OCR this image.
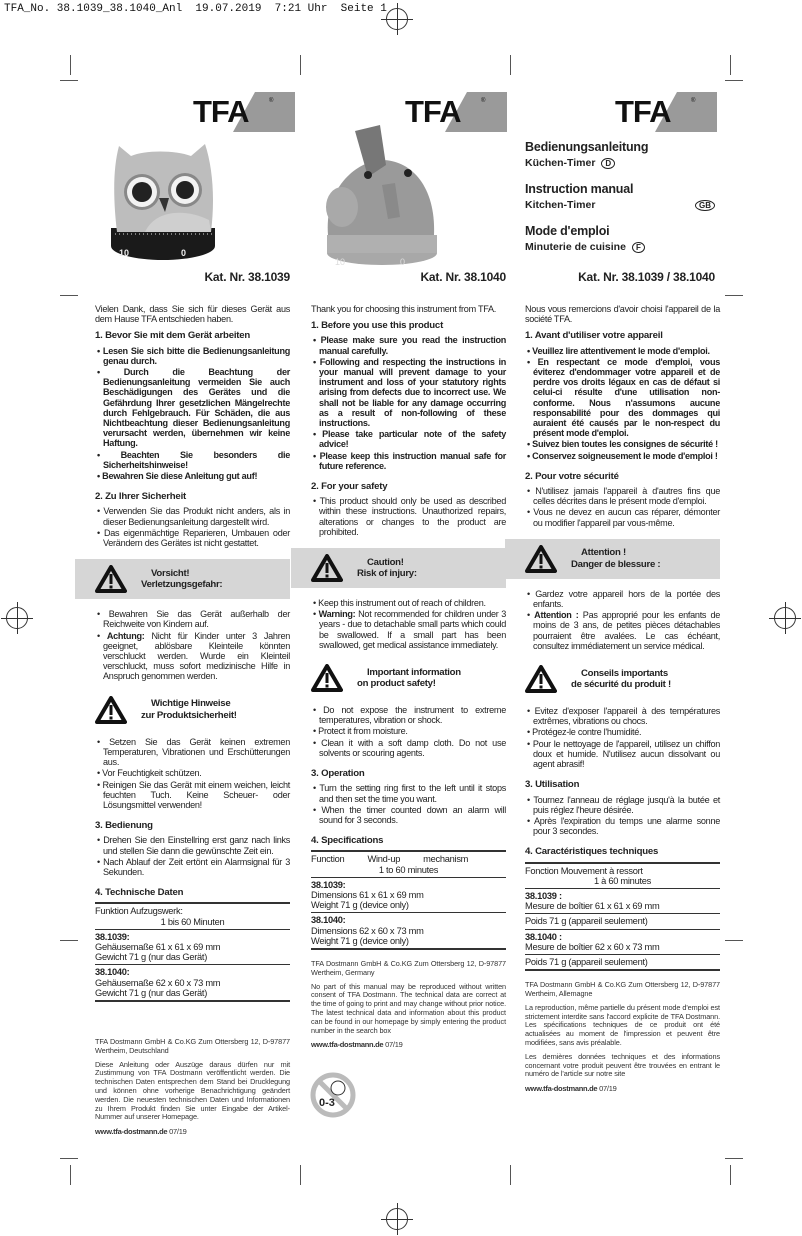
TFA_No. 38.1039_38.1040_Anl  19.07.2019  7:21 Uhr  Seite 1
TFA	®	TFA	®	TFA	®
10	0
10	0
Bedienungsanleitung
Küchen-Timer	D
Instruction manual
Kitchen-Timer	GB
Mode d'emploi
Minuterie de cuisine	F
Kat. Nr. 38.1039	Kat. Nr. 38.1040	Kat. Nr. 38.1039 / 38.1040

Vielen Dank, dass Sie sich für dieses Gerät aus dem Hause TFA entschieden haben.

1. Bevor Sie mit dem Gerät arbeiten
• Lesen Sie sich bitte die Bedienungsanleitung genau durch.
• Durch die Beachtung der Bedienungsanleitung vermeiden Sie auch Beschädigungen des Gerätes und die Gefährdung Ihrer gesetzlichen Mängelrechte durch Fehlgebrauch. Für Schäden, die aus Nichtbeachtung dieser Bedienungsanleitung verursacht werden, übernehmen wir keine Haftung.
• Beachten Sie besonders die Sicherheitshinweise!
• Bewahren Sie diese Anleitung gut auf!
2. Zu Ihrer Sicherheit
• Verwenden Sie das Produkt nicht anders, als in dieser Bedienungsanleitung dargestellt wird.
• Das eigenmächtige Reparieren, Umbauen oder Verändern des Gerätes ist nicht gestattet.
Vorsicht!
Verletzungsgefahr:
• Bewahren Sie das Gerät außerhalb der Reichweite von Kindern auf.
• Achtung: Nicht für Kinder unter 3 Jahren geeignet, ablösbare Kleinteile könnten verschluckt werden. Wurde ein Kleinteil verschluckt, muss sofort medizinische Hilfe in Anspruch genommen werden.
Wichtige Hinweise
zur Produktsicherheit!
• Setzen Sie das Gerät keinen extremen Temperaturen, Vibrationen und Erschütterungen aus.
• Vor Feuchtigkeit schützen.
• Reinigen Sie das Gerät mit einem weichen, leicht feuchten Tuch. Keine Scheuer- oder Lösungsmittel verwenden!
3. Bedienung
• Drehen Sie den Einstellring erst ganz nach links und stellen Sie dann die gewünschte Zeit ein.
• Nach Ablauf der Zeit ertönt ein Alarmsignal für 3 Sekunden.
4. Technische Daten
Funktion Aufzugswerk:
1 bis 60 Minuten
38.1039:
Gehäusemaße 61 x 61 x 69 mm
Gewicht 71 g (nur das Gerät)
38.1040:
Gehäusemaße 62 x 60 x 73 mm
Gewicht 71 g (nur das Gerät)
TFA Dostmann GmbH & Co.KG Zum Ottersberg 12, D-97877 Wertheim, Deutschland
Diese Anleitung oder Auszüge daraus dürfen nur mit Zustimmung von TFA Dostmann veröffentlicht werden. Die technischen Daten entsprechen dem Stand bei Drucklegung und können ohne vorherige Benachrichtigung geändert werden. Die neuesten technischen Daten und Informationen zu Ihrem Produkt finden Sie unter Eingabe der Artikel-Nummer auf unserer Homepage.
www.tfa-dostmann.de 07/19

Thank you for choosing this instrument from TFA.

1. Before you use this product
• Please make sure you read the instruction manual carefully.
• Following and respecting the instructions in your manual will prevent damage to your instrument and loss of your statutory rights arising from defects due to incorrect use. We shall not be liable for any damage occurring as a result of non-following of these instructions.
• Please take particular note of the safety advice!
• Please keep this instruction manual safe for future reference.
2. For your safety
• This product should only be used as described within these instructions. Unauthorized repairs, alterations or changes to the product are prohibited.
Caution!
Risk of injury:
• Keep this instrument out of reach of children.
• Warning: Not recommended for children under 3 years - due to detachable small parts which could be swallowed. If a small part has been swallowed, get medical assistance immediately.
Important information
on product safety!
• Do not expose the instrument to extreme temperatures, vibration or shock.
• Protect it from moisture.
• Clean it with a soft damp cloth. Do not use solvents or scouring agents.
3. Operation
• Turn the setting ring first to the left until it stops and then set the time you want.
• When the timer counted down an alarm will sound for 3 seconds.
4. Specifications
Function          Wind-up          mechanism
1 to 60 minutes
38.1039:
Dimensions 61 x 61 x 69 mm
Weight 71 g (device only)
38.1040:
Dimensions 62 x 60 x 73 mm
Weight 71 g (device only)
TFA Dostmann GmbH & Co.KG Zum Ottersberg 12, D-97877 Wertheim, Germany
No part of this manual may be reproduced without written consent of TFA Dostmann. The technical data are correct at the time of going to print and may change without prior notice. The latest technical data and information about this product can be found in our homepage by simply entering the product number in the search box
www.tfa-dostmann.de 07/19

Nous vous remercions d'avoir choisi l'appareil de la société TFA.

1. Avant d'utiliser votre appareil
• Veuillez lire attentivement le mode d'emploi.
• En respectant ce mode d'emploi, vous éviterez d'endommager votre appareil et de perdre vos droits légaux en cas de défaut si celui-ci résulte d'une utilisation non-conforme. Nous n'assumons aucune responsabilité pour des dommages qui auraient été causés par le non-respect du présent mode d'emploi.
• Suivez bien toutes les consignes de sécurité !
• Conservez soigneusement le mode d'emploi !
2. Pour votre sécurité
• N'utilisez jamais l'appareil à d'autres fins que celles décrites dans le présent mode d'emploi.
• Vous ne devez en aucun cas réparer, démonter ou modifier l'appareil par vous-même.
Attention !
Danger de blessure :
• Gardez votre appareil hors de la portée des enfants.
• Attention : Pas approprié pour les enfants de moins de 3 ans, de petites pièces détachables pourraient être avalées. Le cas échéant, consultez immédiatement un service médical.
Conseils importants
de sécurité du produit !
• Evitez d'exposer l'appareil à des températures extrêmes, vibrations ou chocs.
• Protégez-le contre l'humidité.
• Pour le nettoyage de l'appareil, utilisez un chiffon doux et humide. N'utilisez aucun dissolvant ou agent abrasif!
3. Utilisation
• Tournez l'anneau de réglage jusqu'à la butée et puis réglez l'heure désirée.
• Après l'expiration du temps une alarme sonne pour 3 secondes.
4. Caractéristiques techniques
Fonction Mouvement à ressort
1 à 60 minutes
38.1039 :
Mesure de boîtier 61 x 61 x 69 mm
Poids 71 g (appareil seulement)
38.1040 :
Mesure de boîtier 62 x 60 x 73 mm
Poids 71 g (appareil seulement)
TFA Dostmann GmbH & Co.KG Zum Ottersberg 12, D-97877 Wertheim, Allemagne
La reproduction, même partielle du présent mode d'emploi est strictement interdite sans l'accord explicite de TFA Dostmann. Les spécifications techniques de ce produit ont été actualisées au moment de l'impression et peuvent être modifiées, sans avis préalable.
Les dernières données techniques et des informations concernant votre produit peuvent être trouvées en entrant le numéro de l'article sur notre site
www.tfa-dostmann.de 07/19
0-3
